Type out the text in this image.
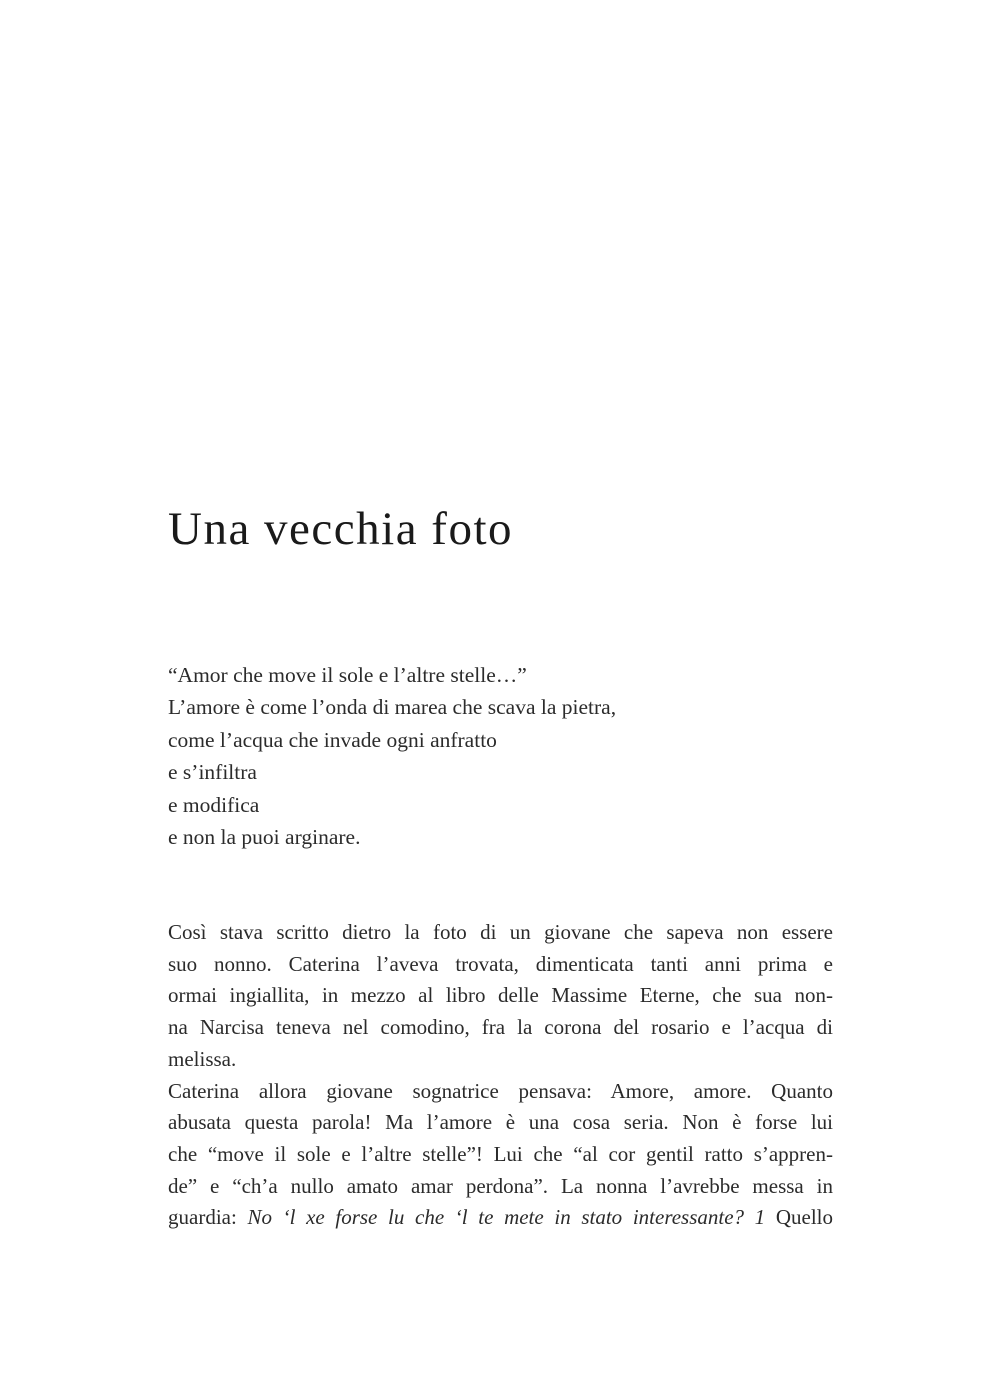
Una vecchia foto
“Amor che move il sole e l’altre stelle…”
L’amore è come l’onda di marea che scava la pietra,
come l’acqua che invade ogni anfratto
e s’infiltra
e modifica
e non la puoi arginare.
Così stava scritto dietro la foto di un giovane che sapeva non essere
suo nonno. Caterina l’aveva trovata, dimenticata tanti anni prima e
ormai ingiallita, in mezzo al libro delle Massime Eterne, che sua non-
na Narcisa teneva nel comodino, fra la corona del rosario e l’acqua di
melissa.
Caterina allora giovane sognatrice pensava: Amore, amore. Quanto
abusata questa parola! Ma l’amore è una cosa seria. Non è forse lui
che “move il sole e l’altre stelle”! Lui che “al cor gentil ratto s’appren-
de” e “ch’a nullo amato amar perdona”. La nonna l’avrebbe messa in
guardia: No ‘l xe forse lu che ‘l te mete in stato interessante? 1 Quello
